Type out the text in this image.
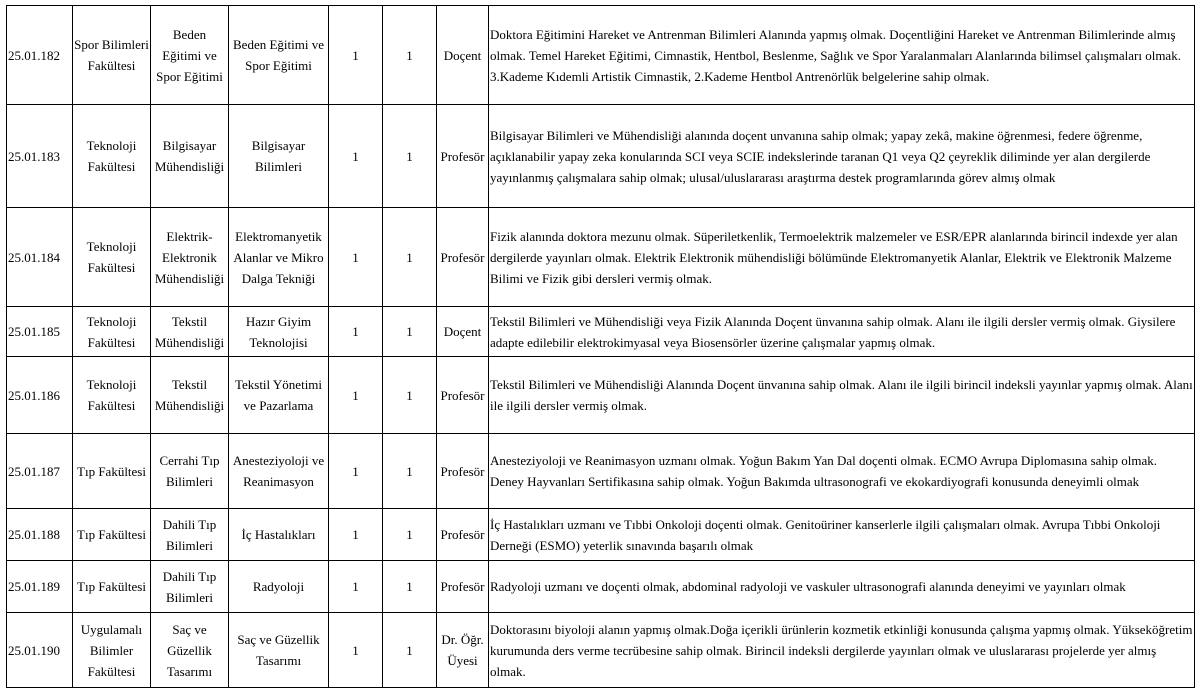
25.01.182	Spor Bilimleri Fakültesi	Beden Eğitimi ve Spor Eğitimi	Beden Eğitimi ve Spor Eğitimi	1	1	Doçent	Doktora Eğitimini Hareket ve Antrenman Bilimleri Alanında yapmış olmak. Doçentliğini Hareket ve Antrenman Bilimlerinde almış olmak. Temel Hareket Eğitimi, Cimnastik, Hentbol, Beslenme, Sağlık ve Spor Yaralanmaları Alanlarında bilimsel çalışmaları olmak. 3.Kademe Kıdemli Artistik Cimnastik, 2.Kademe Hentbol Antrenörlük belgelerine sahip olmak.
25.01.183	Teknoloji Fakültesi	Bilgisayar Mühendisliği	Bilgisayar Bilimleri	1	1	Profesör	Bilgisayar Bilimleri ve Mühendisliği alanında doçent unvanına sahip olmak; yapay zekâ, makine öğrenmesi, federe öğrenme, açıklanabilir yapay zeka konularında SCI veya SCIE indekslerinde taranan Q1 veya Q2 çeyreklik diliminde yer alan dergilerde yayınlanmış çalışmalara sahip olmak; ulusal/uluslararası araştırma destek programlarında görev almış olmak
25.01.184	Teknoloji Fakültesi	Elektrik-Elektronik Mühendisliği	Elektromanyetik Alanlar ve Mikro Dalga Tekniği	1	1	Profesör	Fizik alanında doktora mezunu olmak. Süperiletkenlik, Termoelektrik malzemeler ve ESR/EPR alanlarında birincil indexde yer alan dergilerde yayınları olmak. Elektrik Elektronik mühendisliği bölümünde Elektromanyetik Alanlar, Elektrik ve Elektronik Malzeme Bilimi ve Fizik gibi dersleri vermiş olmak.
25.01.185	Teknoloji Fakültesi	Tekstil Mühendisliği	Hazır Giyim Teknolojisi	1	1	Doçent	Tekstil Bilimleri ve Mühendisliği veya Fizik Alanında Doçent ünvanına sahip olmak. Alanı ile ilgili dersler vermiş olmak. Giysilere adapte edilebilir elektrokimyasal veya Biosensörler üzerine çalışmalar yapmış olmak.
25.01.186	Teknoloji Fakültesi	Tekstil Mühendisliği	Tekstil Yönetimi ve Pazarlama	1	1	Profesör	Tekstil Bilimleri ve Mühendisliği Alanında Doçent ünvanına sahip olmak. Alanı ile ilgili birincil indeksli yayınlar yapmış olmak. Alanı ile ilgili dersler vermiş olmak.
25.01.187	Tıp Fakültesi	Cerrahi Tıp Bilimleri	Anesteziyoloji ve Reanimasyon	1	1	Profesör	Anesteziyoloji ve Reanimasyon uzmanı olmak. Yoğun Bakım Yan Dal doçenti olmak. ECMO Avrupa Diplomasına sahip olmak. Deney Hayvanları Sertifikasına sahip olmak. Yoğun Bakımda ultrasonografi ve ekokardiyografi konusunda deneyimli olmak
25.01.188	Tıp Fakültesi	Dahili Tıp Bilimleri	İç Hastalıkları	1	1	Profesör	İç Hastalıkları uzmanı ve Tıbbi Onkoloji doçenti olmak. Genitoüriner kanserlerle ilgili çalışmaları olmak. Avrupa Tıbbi Onkoloji Derneği (ESMO) yeterlik sınavında başarılı olmak
25.01.189	Tıp Fakültesi	Dahili Tıp Bilimleri	Radyoloji	1	1	Profesör	Radyoloji uzmanı ve doçenti olmak, abdominal radyoloji ve vaskuler ultrasonografi alanında deneyimi ve yayınları olmak
25.01.190	Uygulamalı Bilimler Fakültesi	Saç ve Güzellik Tasarımı	Saç ve Güzellik Tasarımı	1	1	Dr. Öğr. Üyesi	Doktorasını biyoloji alanın yapmış olmak.Doğa içerikli ürünlerin kozmetik etkinliği konusunda çalışma yapmış olmak. Yükseköğretim kurumunda ders verme tecrübesine sahip olmak. Birincil indeksli dergilerde yayınları olmak ve uluslararası projelerde yer almış olmak.
